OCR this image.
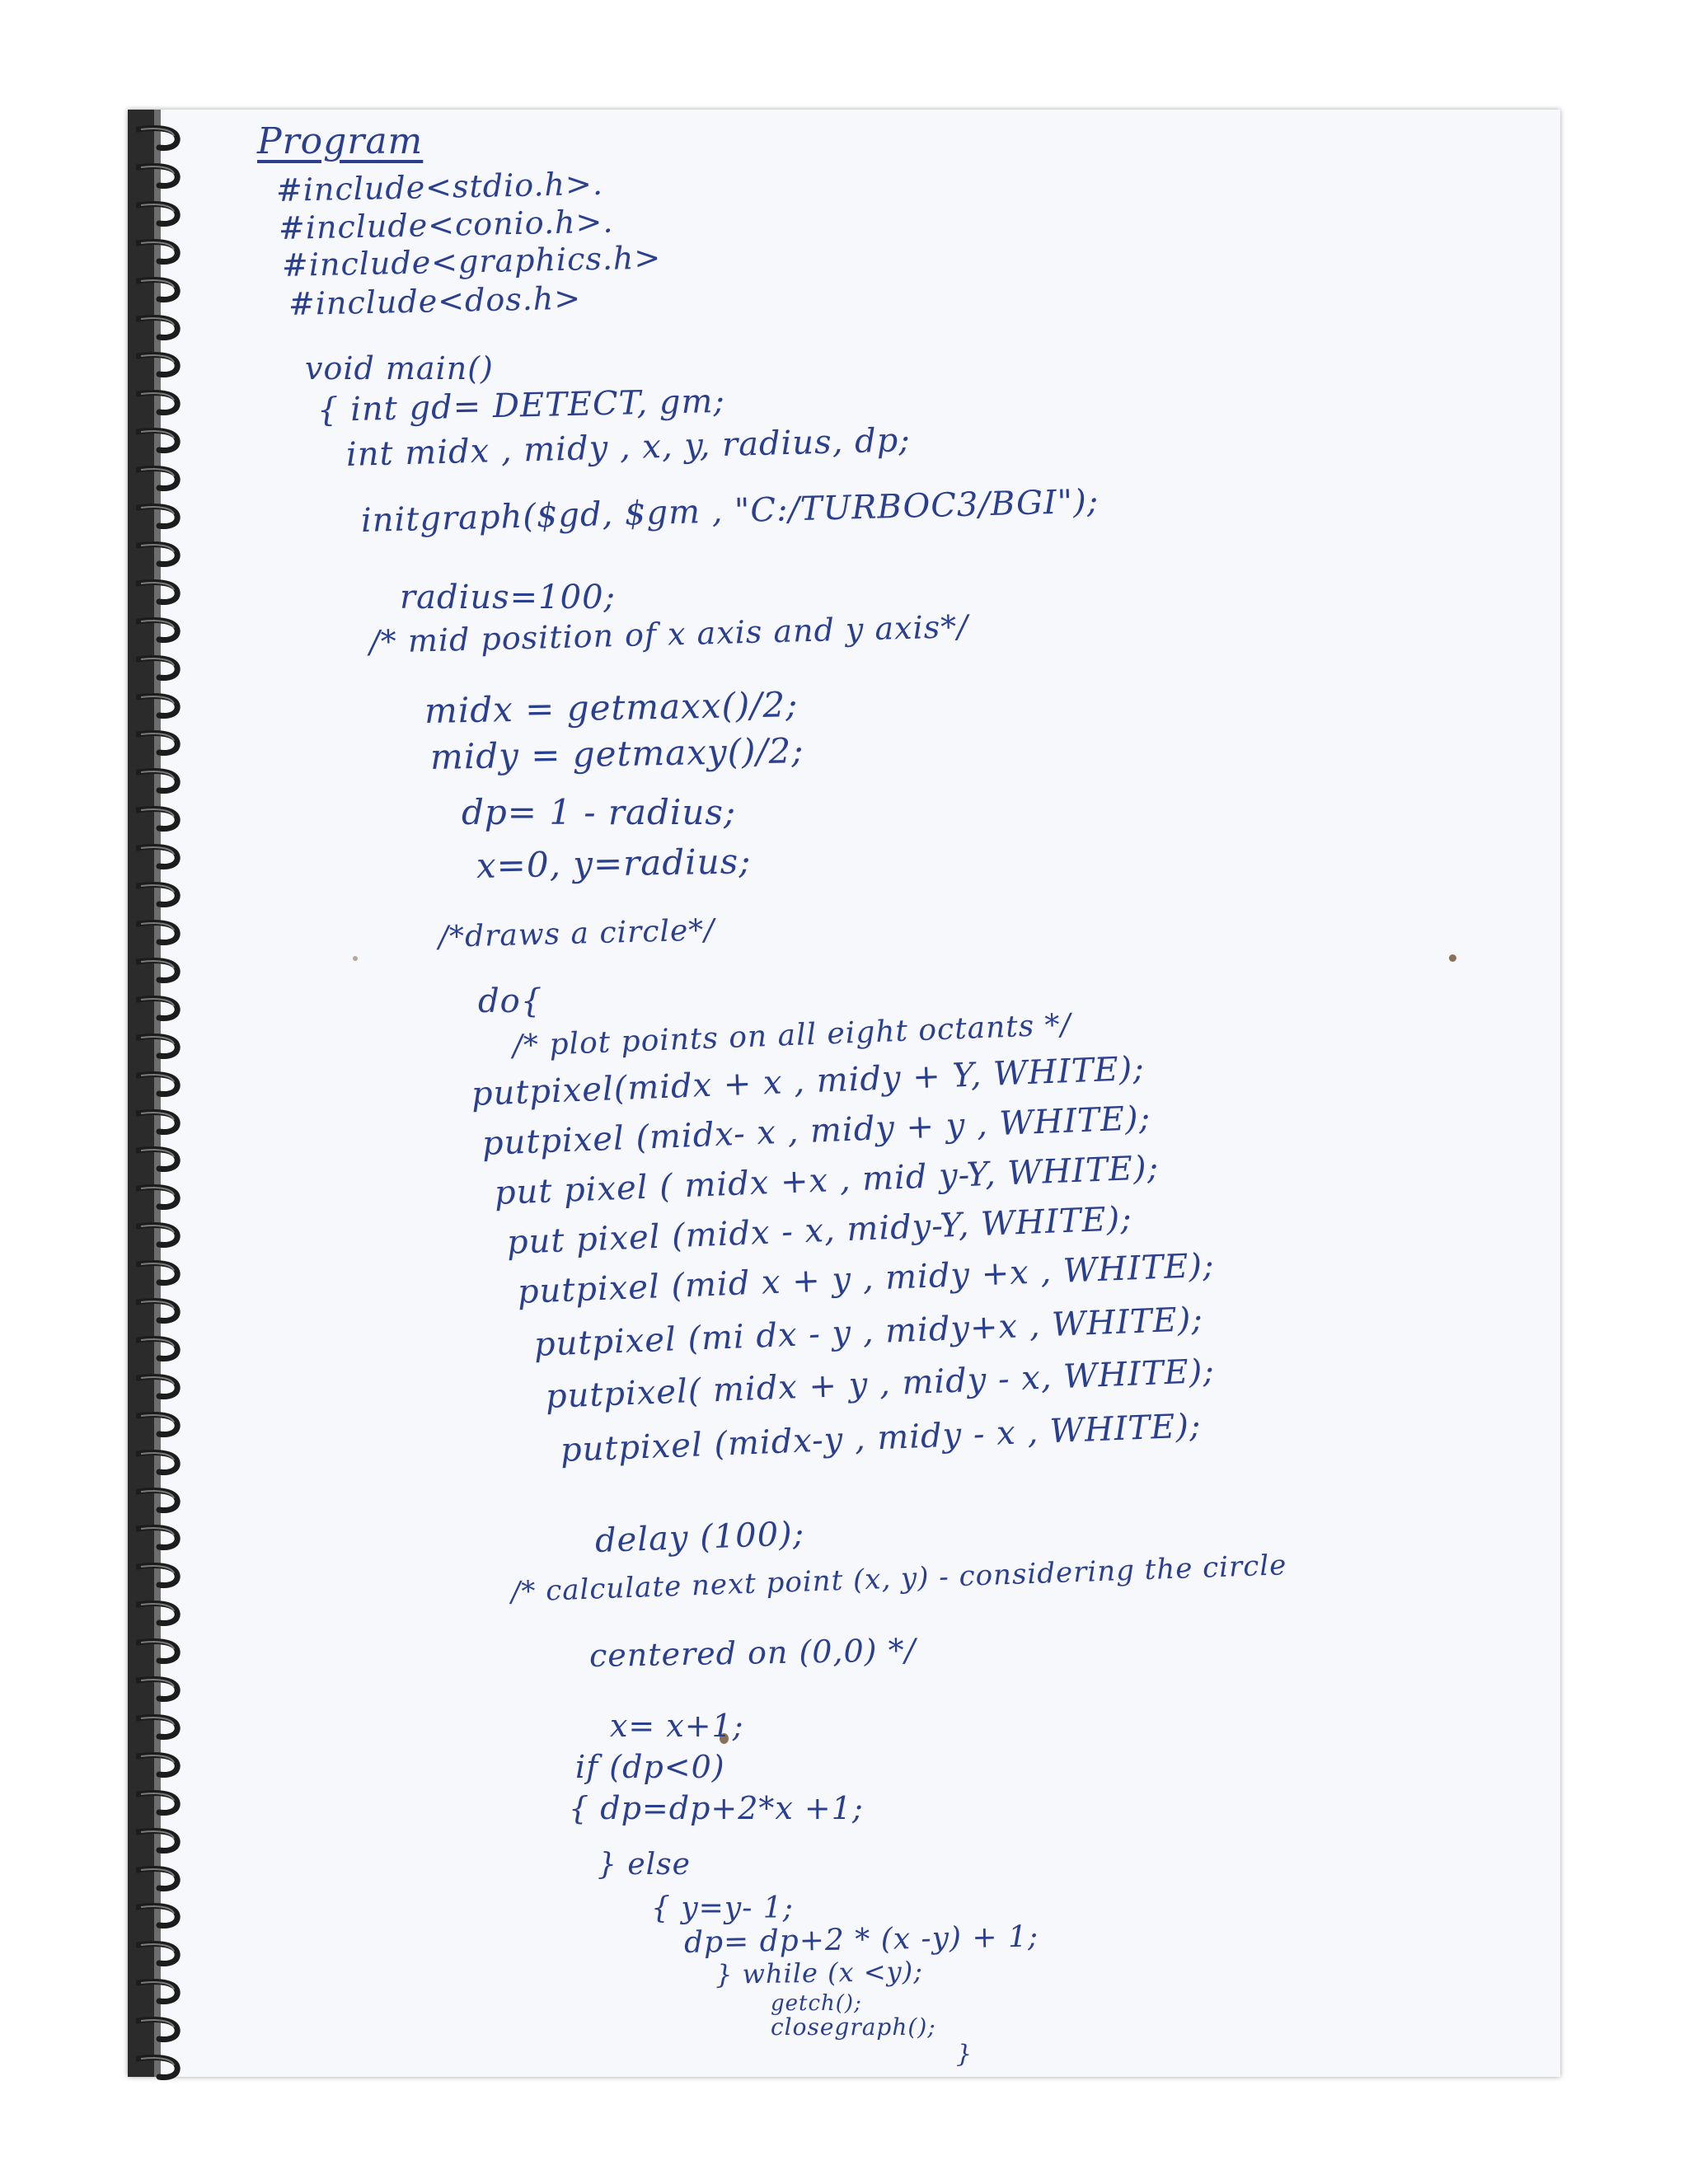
Program
#include<stdio.h>.
#include<conio.h>.
#include<graphics.h>
#include<dos.h>
void main()
{ int gd= DETECT, gm;
int midx , midy , x, y, radius, dp;
initgraph($gd, $gm , "C:/TURBOC3/BGI");
radius=100;
/* mid position of x axis and y axis*/
midx = getmaxx()/2;
midy = getmaxy()/2;
dp= 1 - radius;
x=0, y=radius;
/*draws a circle*/
do{
/* plot points on all eight octants */
putpixel(midx + x , midy + Y, WHITE);
putpixel (midx- x , midy + y , WHITE);
put pixel ( midx +x , mid y-Y, WHITE);
put pixel (midx - x, midy-Y, WHITE);
putpixel (mid x + y , midy +x , WHITE);
putpixel (mi dx - y , midy+x , WHITE);
putpixel( midx + y , midy - x, WHITE);
putpixel (midx-y , midy - x , WHITE);
delay (100);
/* calculate next point (x, y) - considering the circle
centered on (0,0) */
x= x+1;
if (dp<0)
{ dp=dp+2*x +1;
} else
{ y=y- 1;
dp= dp+2 * (x -y) + 1;
} while (x <y);
getch();
closegraph();
}
